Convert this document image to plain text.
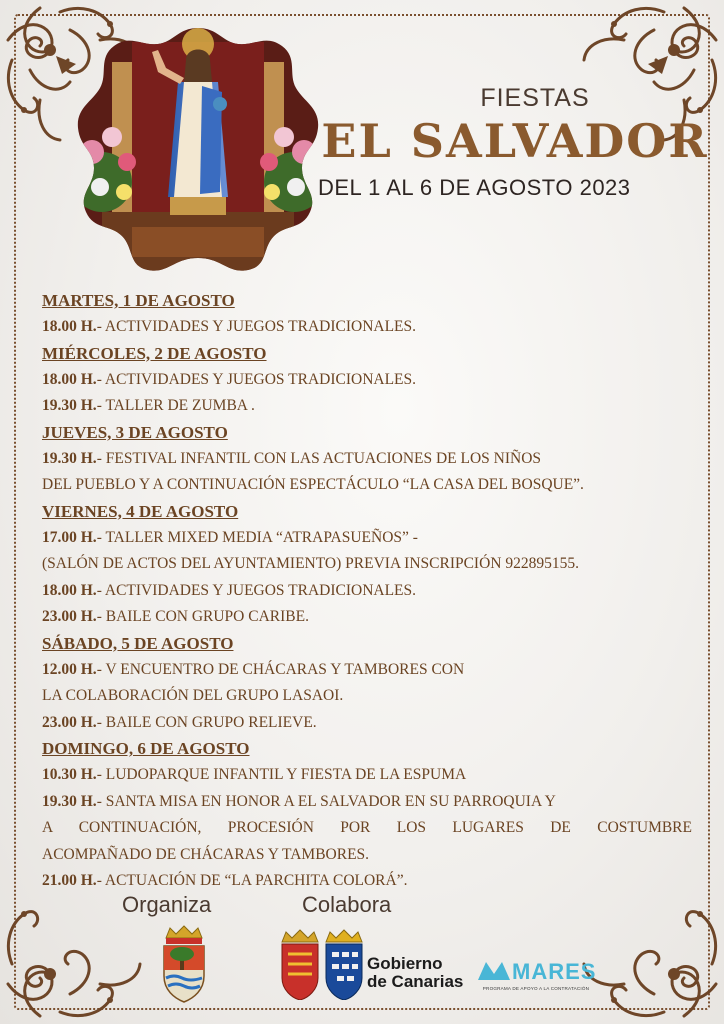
FIESTAS
EL SALVADOR
DEL 1 AL 6 DE AGOSTO 2023

MARTES, 1 DE AGOSTO

18.00 H.- ACTIVIDADES Y JUEGOS TRADICIONALES.

MIÉRCOLES, 2 DE AGOSTO

18.00 H.- ACTIVIDADES Y JUEGOS TRADICIONALES.

19.30 H.- TALLER DE ZUMBA .

JUEVES, 3 DE AGOSTO

19.30 H.- FESTIVAL INFANTIL CON LAS ACTUACIONES DE LOS NIÑOS

DEL PUEBLO Y A CONTINUACIÓN ESPECTÁCULO “LA CASA DEL BOSQUE”.

VIERNES, 4 DE AGOSTO

17.00 H.- TALLER MIXED MEDIA “ATRAPASUEÑOS” -

(SALÓN DE ACTOS DEL AYUNTAMIENTO) PREVIA INSCRIPCIÓN 922895155.

18.00 H.- ACTIVIDADES Y JUEGOS TRADICIONALES.

23.00 H.- BAILE CON GRUPO CARIBE.

SÁBADO, 5 DE AGOSTO

12.00 H.- V ENCUENTRO DE CHÁCARAS Y TAMBORES CON

LA COLABORACIÓN DEL GRUPO LASAOI.

23.00 H.- BAILE CON GRUPO RELIEVE.

DOMINGO, 6 DE AGOSTO

10.30 H.- LUDOPARQUE INFANTIL Y FIESTA DE LA ESPUMA

19.30 H.- SANTA MISA EN HONOR A EL SALVADOR EN SU PARROQUIA Y

A CONTINUACIÓN, PROCESIÓN POR LOS LUGARES DE COSTUMBRE

ACOMPAÑADO DE CHÁCARAS Y TAMBORES.

21.00 H.- ACTUACIÓN DE “LA PARCHITA COLORÁ”.

Organiza	Colabora
Gobierno
de Canarias MARES
PROGRAMA DE APOYO A LA CONTRATACIÓN
